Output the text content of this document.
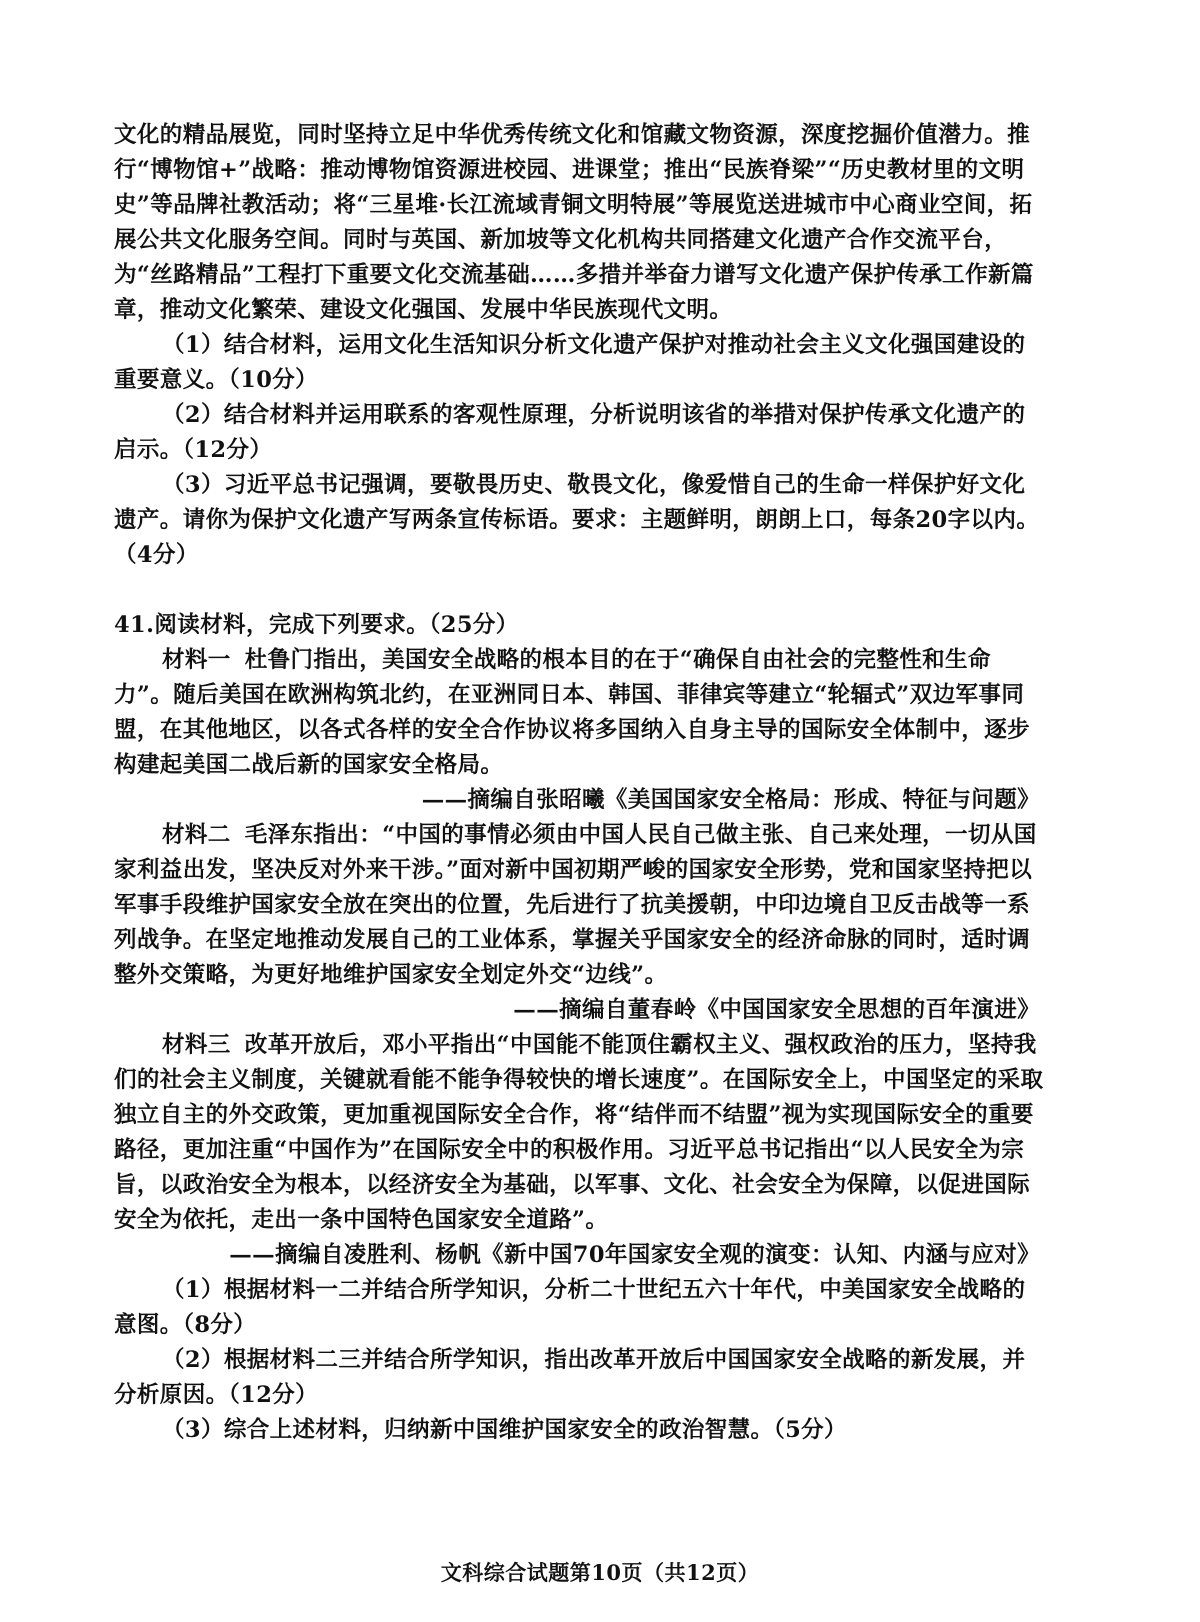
文化的精品展览，同时坚持立足中华优秀传统文化和馆藏文物资源，深度挖掘价值潜力。推行“博物馆+”战略：推动博物馆资源进校园、进课堂；推出“民族脊梁”“历史教材里的文明史”等品牌社教活动；将“三星堆·长江流域青铜文明特展”等展览送进城市中心商业空间，拓展公共文化服务空间。同时与英国、新加坡等文化机构共同搭建文化遗产合作交流平台，为“丝路精品”工程打下重要文化交流基础……多措并举奋力谱写文化遗产保护传承工作新篇章，推动文化繁荣、建设文化强国、发展中华民族现代文明。

（1）结合材料，运用文化生活知识分析文化遗产保护对推动社会主义文化强国建设的重要意义。（10分）

（2）结合材料并运用联系的客观性原理，分析说明该省的举措对保护传承文化遗产的启示。（12分）

（3）习近平总书记强调，要敬畏历史、敬畏文化，像爱惜自己的生命一样保护好文化遗产。请你为保护文化遗产写两条宣传标语。要求：主题鲜明，朗朗上口，每条20字以内。（4分）

41.阅读材料，完成下列要求。（25分）

材料一 杜鲁门指出，美国安全战略的根本目的在于“确保自由社会的完整性和生命力”。随后美国在欧洲构筑北约，在亚洲同日本、韩国、菲律宾等建立“轮辐式”双边军事同盟，在其他地区，以各式各样的安全合作协议将多国纳入自身主导的国际安全体制中，逐步构建起美国二战后新的国家安全格局。

——摘编自张昭曦《美国国家安全格局：形成、特征与问题》

材料二 毛泽东指出：“中国的事情必须由中国人民自己做主张、自己来处理，一切从国家利益出发，坚决反对外来干涉。”面对新中国初期严峻的国家安全形势，党和国家坚持把以军事手段维护国家安全放在突出的位置，先后进行了抗美援朝，中印边境自卫反击战等一系列战争。在坚定地推动发展自己的工业体系，掌握关乎国家安全的经济命脉的同时，适时调整外交策略，为更好地维护国家安全划定外交“边线”。

——摘编自董春岭《中国国家安全思想的百年演进》

材料三 改革开放后，邓小平指出“中国能不能顶住霸权主义、强权政治的压力，坚持我们的社会主义制度，关键就看能不能争得较快的增长速度”。在国际安全上，中国坚定的采取独立自主的外交政策，更加重视国际安全合作，将“结伴而不结盟”视为实现国际安全的重要路径，更加注重“中国作为”在国际安全中的积极作用。习近平总书记指出“以人民安全为宗旨，以政治安全为根本，以经济安全为基础，以军事、文化、社会安全为保障，以促进国际安全为依托，走出一条中国特色国家安全道路”。

——摘编自凌胜利、杨帆《新中国70年国家安全观的演变：认知、内涵与应对》

（1）根据材料一二并结合所学知识，分析二十世纪五六十年代，中美国家安全战略的意图。（8分）

（2）根据材料二三并结合所学知识，指出改革开放后中国国家安全战略的新发展，并分析原因。（12分）

（3）综合上述材料，归纳新中国维护国家安全的政治智慧。（5分）

文科综合试题第10页（共12页）
